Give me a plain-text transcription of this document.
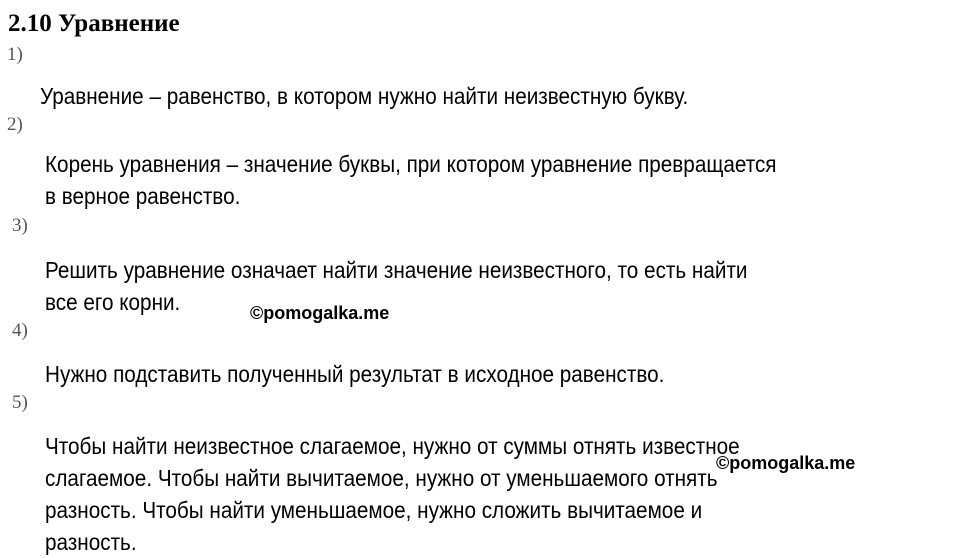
2.10 Уравнение
1)
Уравнение – равенство, в котором нужно найти неизвестную букву.
2)
Корень уравнения – значение буквы, при котором уравнение превращается
в верное равенство.
3)
Решить уравнение означает найти значение неизвестного, то есть найти
все его корни.
4)
Нужно подставить полученный результат в исходное равенство.
5)
Чтобы найти неизвестное слагаемое, нужно от суммы отнять известное
слагаемое. Чтобы найти вычитаемое, нужно от уменьшаемого отнять
разность. Чтобы найти уменьшаемое, нужно сложить вычитаемое и
разность.
©pomogalka.me
©pomogalka.me
